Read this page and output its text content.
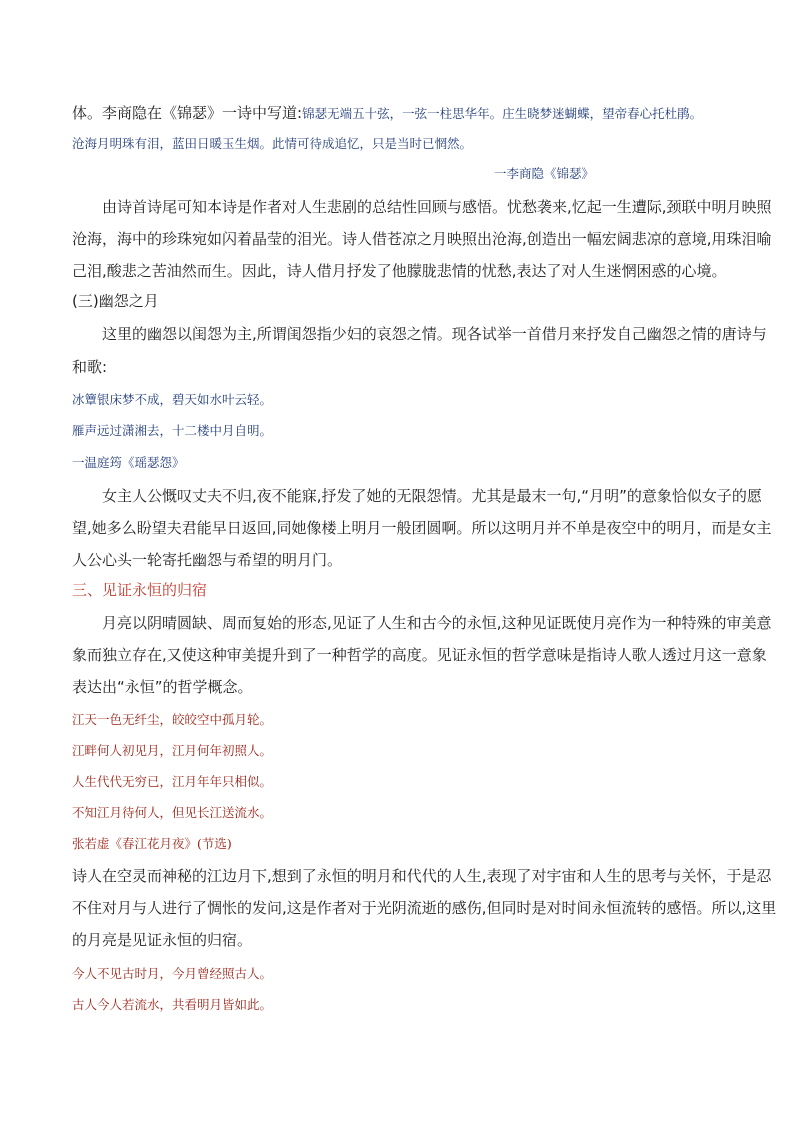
体。李商隐在《锦瑟》一诗中写道:锦瑟无端五十弦，一弦一柱思华年。庄生晓梦迷蝴蝶，望帝春心托杜鹃。
沧海月明珠有泪，蓝田日暖玉生烟。此情可待成追忆，只是当时已惘然。
一李商隐《锦瑟》
由诗首诗尾可知本诗是作者对人生悲剧的总结性回顾与感悟。忧愁袭来,忆起一生遭际,颈联中明月映照
沧海，海中的珍珠宛如闪着晶莹的泪光。诗人借苍凉之月映照出沧海,创造出一幅宏阔悲凉的意境,用珠泪喻
己泪,酸悲之苦油然而生。因此，诗人借月抒发了他朦胧悲情的忧愁,表达了对人生迷惘困惑的心境。
(三)幽怨之月
这里的幽怨以闺怨为主,所谓闺怨指少妇的哀怨之情。现各试举一首借月来抒发自己幽怨之情的唐诗与
和歌:
冰簟银床梦不成，碧天如水叶云轻。
雁声远过潇湘去，十二楼中月自明。
一温庭筠《瑶瑟怨》
女主人公慨叹丈夫不归,夜不能寐,抒发了她的无限怨情。尤其是最末一句,“月明”的意象恰似女子的愿
望,她多么盼望夫君能早日返回,同她像楼上明月一般团圆啊。所以这明月并不单是夜空中的明月，而是女主
人公心头一轮寄托幽怨与希望的明月门。
三、见证永恒的归宿
月亮以阴晴圆缺、周而复始的形态,见证了人生和古今的永恒,这种见证既使月亮作为一种特殊的审美意
象而独立存在,又使这种审美提升到了一种哲学的高度。见证永恒的哲学意味是指诗人歌人透过月这一意象
表达出“永恒”的哲学概念。
江天一色无纤尘，皎皎空中孤月轮。
江畔何人初见月，江月何年初照人。
人生代代无穷已，江月年年只相似。
不知江月待何人，但见长江送流水。
张若虚《春江花月夜》(节选)
诗人在空灵而神秘的江边月下,想到了永恒的明月和代代的人生,表现了对宇宙和人生的思考与关怀，于是忍
不住对月与人进行了惆怅的发问,这是作者对于光阴流逝的感伤,但同时是对时间永恒流转的感悟。所以,这里
的月亮是见证永恒的归宿。
今人不见古时月，今月曾经照古人。
古人今人若流水，共看明月皆如此。
